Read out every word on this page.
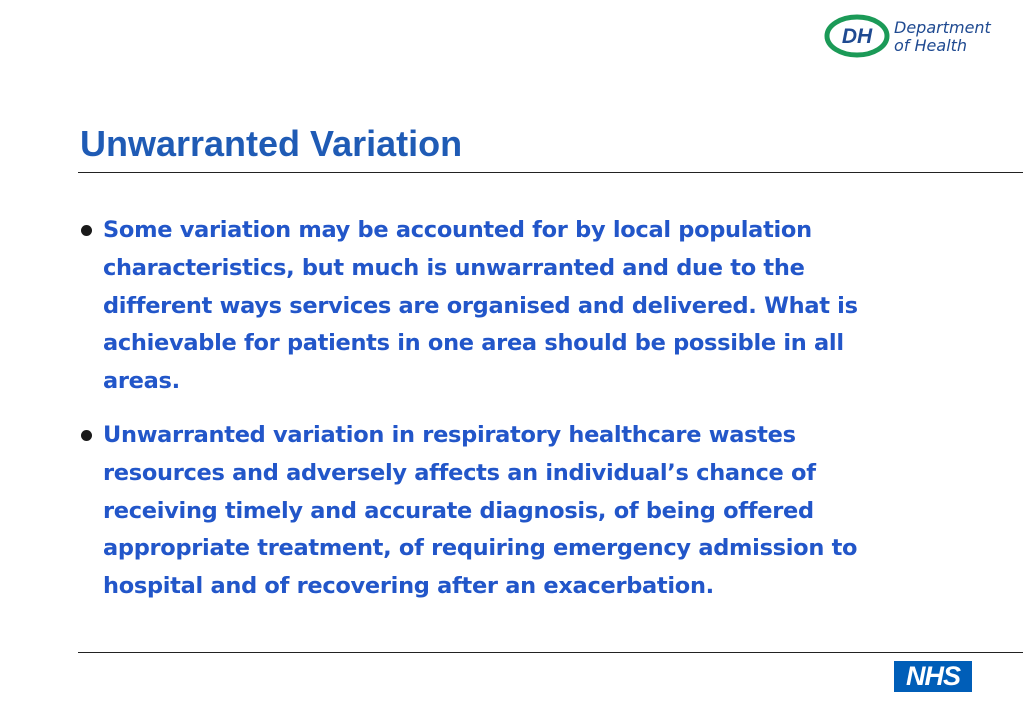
DH Department
of Health
Unwarranted Variation
Some variation may be accounted for by local population characteristics, but much is unwarranted and due to the different ways services are organised and delivered. What is achievable for patients in one area should be possible in all areas.
Unwarranted variation in respiratory healthcare wastes resources and adversely affects an individual’s chance of receiving timely and accurate diagnosis, of being offered appropriate treatment, of requiring emergency admission to hospital and of recovering after an exacerbation.
NHS
